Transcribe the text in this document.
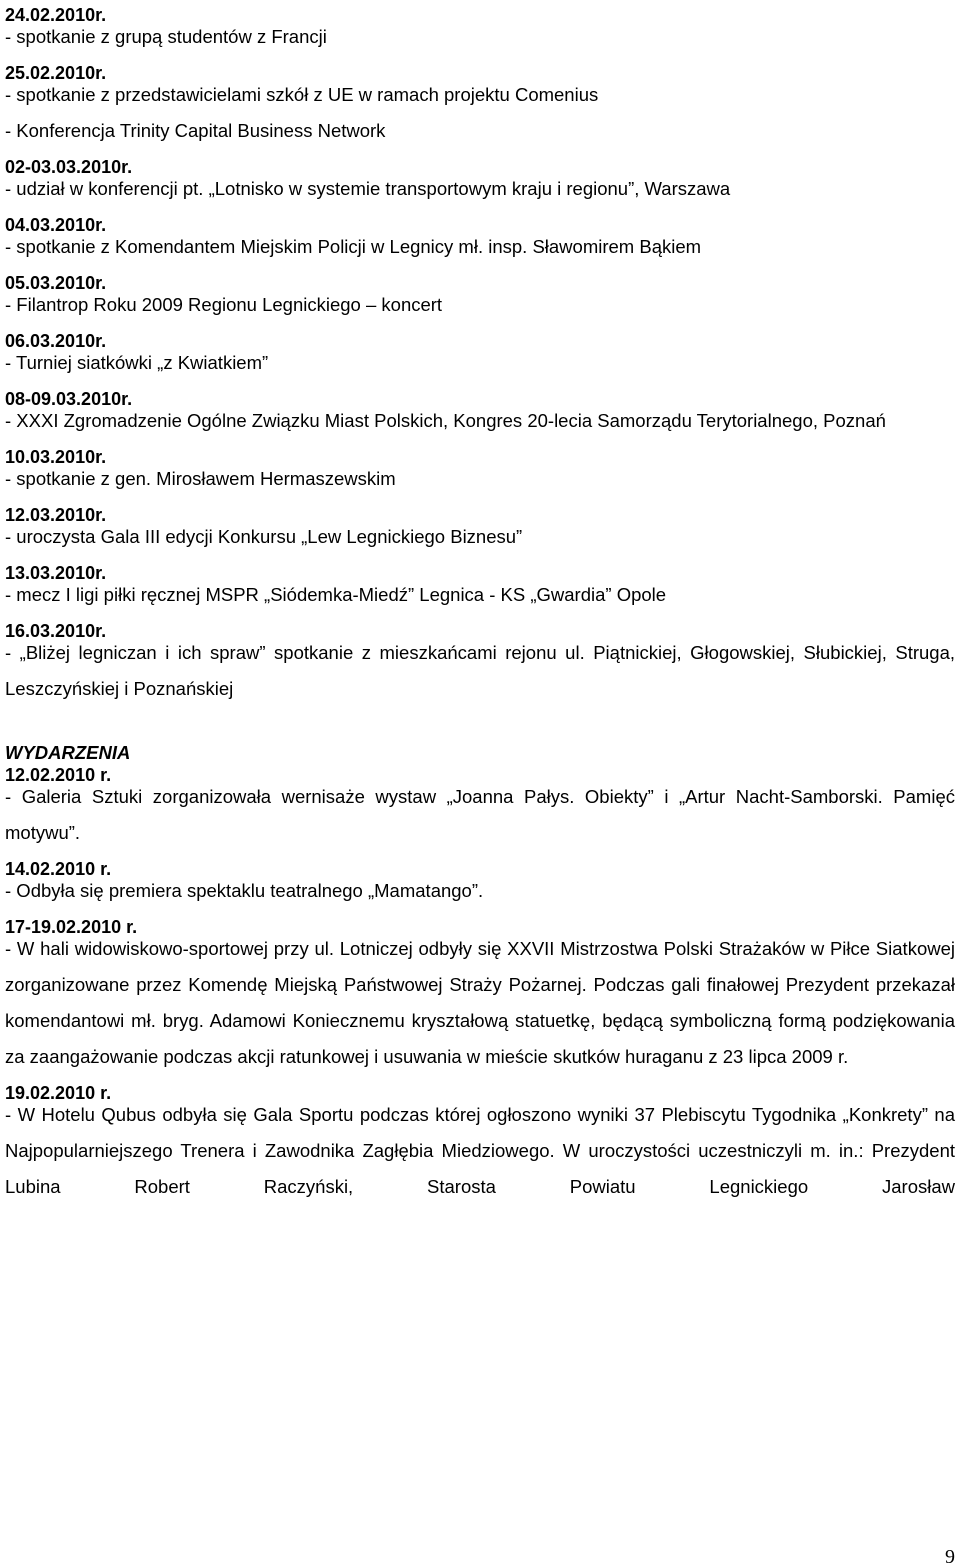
24.02.2010r.

- spotkanie z grupą studentów z Francji

25.02.2010r.

- spotkanie z przedstawicielami szkół z UE w ramach projektu Comenius

- Konferencja Trinity Capital Business Network

02-03.03.2010r.

- udział w konferencji pt. „Lotnisko w systemie transportowym kraju i regionu”, Warszawa

04.03.2010r.

- spotkanie z Komendantem Miejskim Policji w Legnicy mł. insp. Sławomirem Bąkiem

05.03.2010r.

- Filantrop Roku 2009 Regionu Legnickiego – koncert

06.03.2010r.

- Turniej siatkówki „z Kwiatkiem”

08-09.03.2010r.

- XXXI Zgromadzenie Ogólne Związku Miast Polskich, Kongres 20-lecia Samorządu Terytorialnego, Poznań

10.03.2010r.

- spotkanie z gen. Mirosławem Hermaszewskim

12.03.2010r.

- uroczysta Gala III edycji Konkursu „Lew Legnickiego Biznesu”

13.03.2010r.

- mecz I ligi piłki ręcznej MSPR „Siódemka-Miedź” Legnica - KS „Gwardia” Opole

16.03.2010r.

- „Bliżej legniczan i ich spraw” spotkanie z mieszkańcami rejonu ul. Piątnickiej, Głogowskiej, Słubickiej, Struga, Leszczyńskiej i Poznańskiej

WYDARZENIA

12.02.2010 r.

- Galeria Sztuki zorganizowała wernisaże wystaw „Joanna Pałys. Obiekty” i „Artur Nacht-Samborski. Pamięć motywu”.

14.02.2010 r.

- Odbyła się premiera spektaklu teatralnego „Mamatango”.

17-19.02.2010 r.

- W hali widowiskowo-sportowej przy ul. Lotniczej odbyły się XXVII Mistrzostwa Polski Strażaków w Piłce Siatkowej zorganizowane przez Komendę Miejską Państwowej Straży Pożarnej. Podczas gali finałowej Prezydent przekazał komendantowi mł. bryg. Adamowi Koniecznemu kryształową statuetkę, będącą symboliczną formą podziękowania za zaangażowanie podczas akcji ratunkowej i usuwania w mieście skutków huraganu z 23 lipca 2009 r.

19.02.2010 r.

- W Hotelu Qubus odbyła się Gala Sportu podczas której ogłoszono wyniki 37 Plebiscytu Tygodnika „Konkrety” na Najpopularniejszego Trenera i Zawodnika Zagłębia Miedziowego. W uroczystości uczestniczyli m. in.: Prezydent Lubina Robert Raczyński, Starosta Powiatu Legnickiego Jarosław

9
